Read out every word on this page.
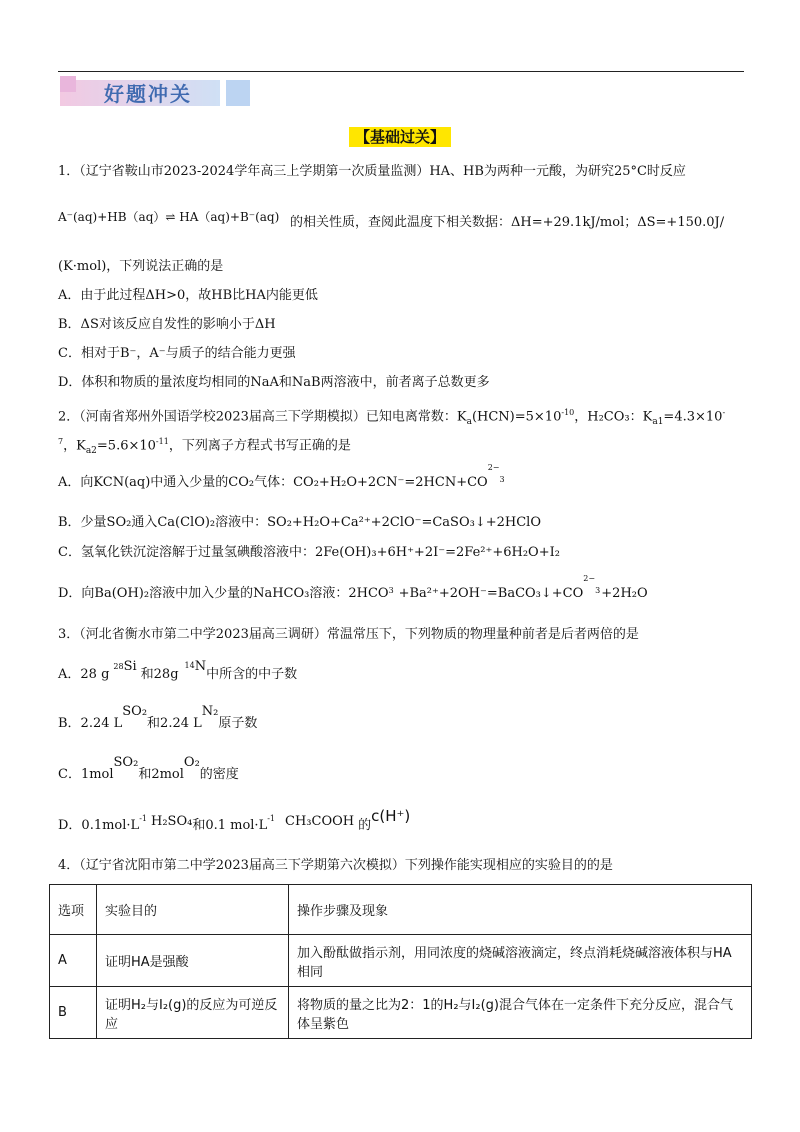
好题冲关
【基础过关】
1．（辽宁省鞍山市2023-2024学年高三上学期第一次质量监测）HA、HB为两种一元酸，为研究25°C时反应
A⁻(aq)+HB（aq）⇌ HA（aq)+B⁻(aq) 的相关性质，查阅此温度下相关数据：ΔH=+29.1kJ/mol；ΔS=+150.0J/
(K·mol)，下列说法正确的是
A．由于此过程ΔH>0，故HB比HA内能更低
B．ΔS对该反应自发性的影响小于ΔH
C．相对于B⁻，A⁻与质子的结合能力更强
D．体积和物质的量浓度均相同的NaA和NaB两溶液中，前者离子总数更多
2．（河南省郑州外国语学校2023届高三下学期模拟）已知电离常数：$K_a(HCN)=5\times 10^{-10}$，H₂CO₃：$K_{a1}=4.3\times 10^-$
$^7$，$K_{a2}=5.6\times 10^{-11}$，下列离子方程式书写正确的是
A．向KCN(aq)中通入少量的CO₂气体：$CO_2+H_2O+2CN^-=2HCN+CO^{2-3}$
B．少量SO₂通入Ca(ClO)₂溶液中：SO₂+H₂O+Ca²⁺+2ClO⁻=CaSO₃↓+2HClO
C．氢氧化铁沉淀溶解于过量氢碘酸溶液中：2Fe(OH)₃+6H⁺+2I⁻=2Fe²⁺+6H₂O+I₂
D．向Ba(OH)₂溶液中加入少量的NaHCO₃溶液：$2HCO^3$ $+Ba^{2+}+2OH^-=BaCO_3↓+CO^{2-3}+2H_2O$
3．（河北省衡水市第二中学2023届高三调研）常温常压下，下列物质的物理量种前者是后者两倍的是
A．28 $g^{28}Si$和$28g^{14}N$中所含的中子数
B．2.24 LSO₂和2.24 LN₂原子数
C．1molSO₂和2molO₂的密度
D．$0.1mol\cdot L^{-1}$ H₂SO₄和0.1 $mol\cdot L^{-1}$ CH₃COOH 的c(H⁺)
4．（辽宁省沈阳市第二中学2023届高三下学期第六次模拟）下列操作能实现相应的实验目的的是
选项	实验目的	操作步骤及现象
A	证明HA是强酸	加入酚酞做指示剂，用同浓度的烧碱溶液滴定，终点消耗烧碱溶液体积与HA相同
B	证明H₂与I₂(g)的反应为可逆反应	将物质的量之比为2：1的H₂与I₂(g)混合气体在一定条件下充分反应，混合气体呈紫色
